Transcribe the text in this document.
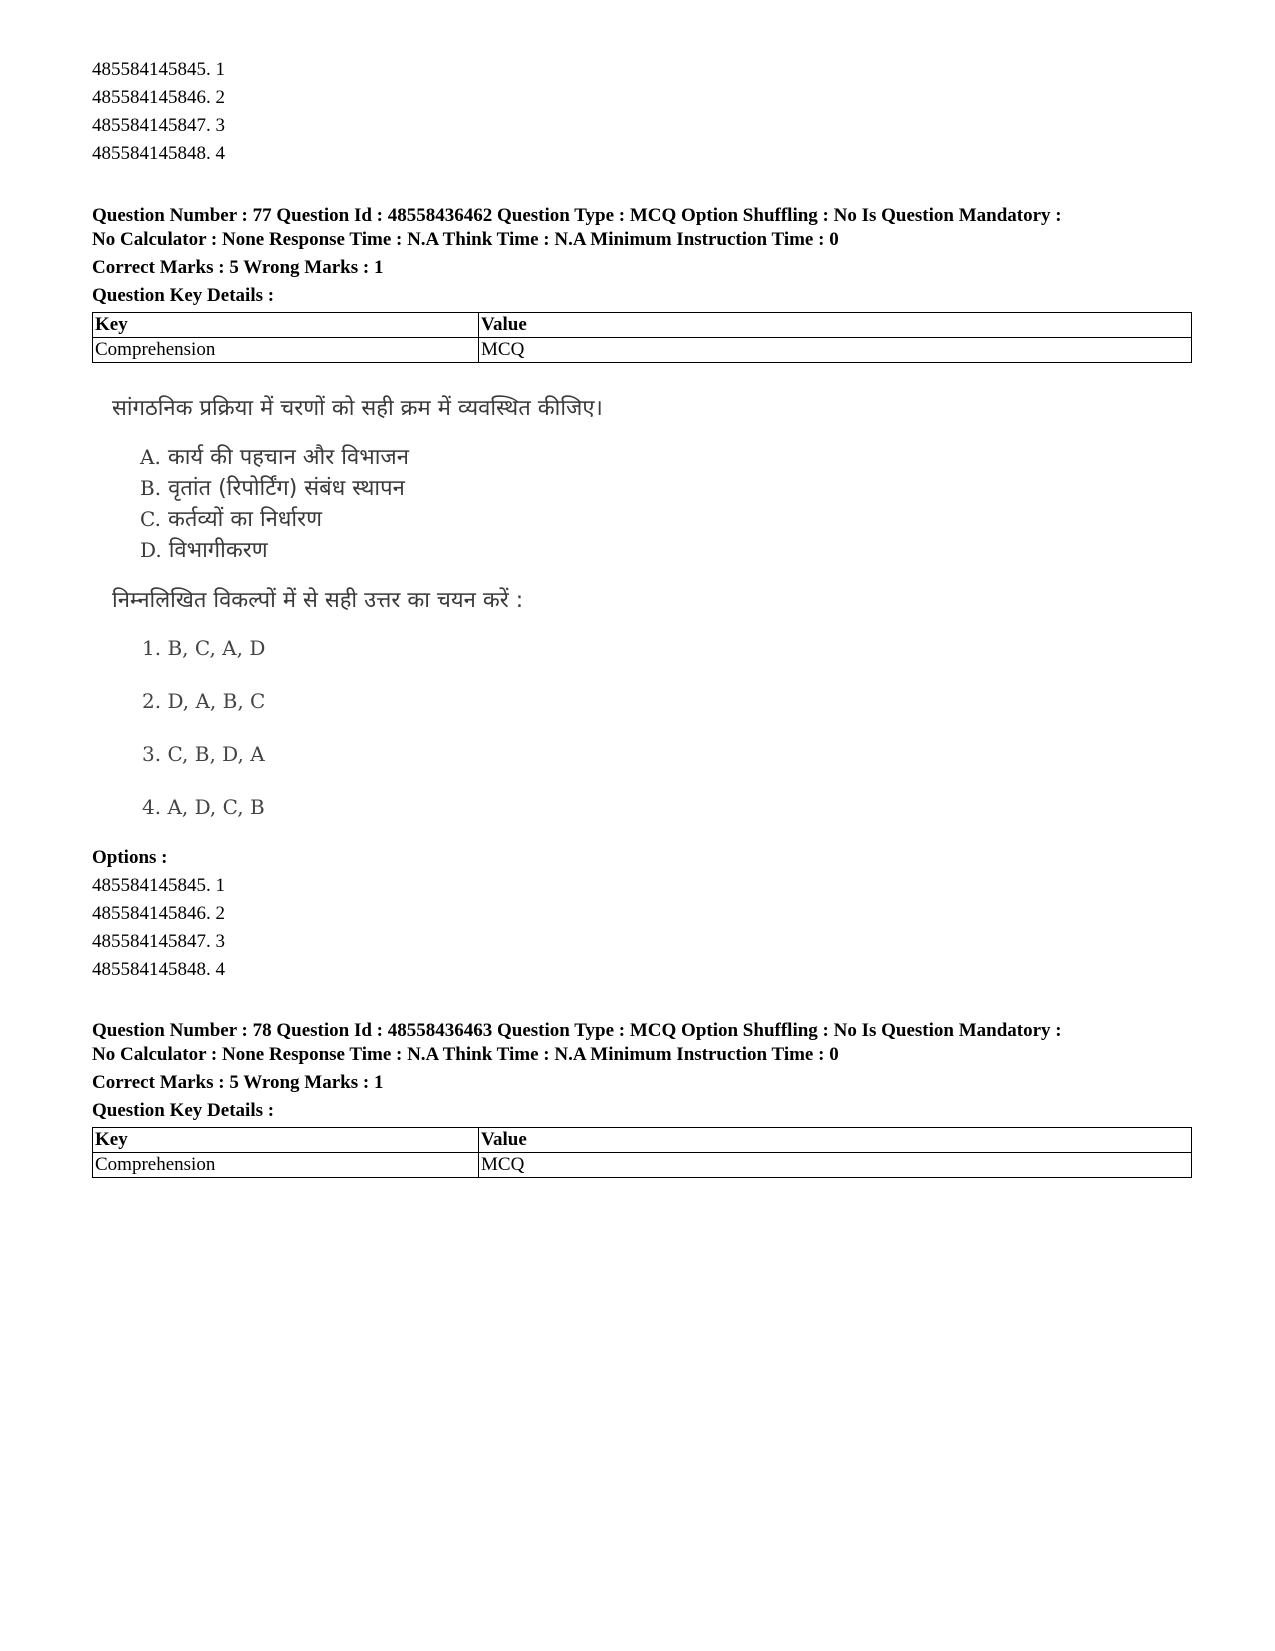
485584145845. 1
485584145846. 2
485584145847. 3
485584145848. 4
Question Number : 77 Question Id : 48558436462 Question Type : MCQ Option Shuffling : No Is Question Mandatory :
No Calculator : None Response Time : N.A Think Time : N.A Minimum Instruction Time : 0
Correct Marks : 5 Wrong Marks : 1
Question Key Details :
Key	Value
Comprehension	MCQ
सांगठनिक प्रक्रिया में चरणों को सही क्रम में व्यवस्थित कीजिए।
A. कार्य की पहचान और विभाजन
B. वृतांत (रिपोर्टिंग) संबंध स्थापन
C. कर्तव्यों का निर्धारण
D. विभागीकरण
निम्नलिखित विकल्पों में से सही उत्तर का चयन करें :
1. B, C, A, D
2. D, A, B, C
3. C, B, D, A
4. A, D, C, B
Options :
485584145845. 1
485584145846. 2
485584145847. 3
485584145848. 4
Question Number : 78 Question Id : 48558436463 Question Type : MCQ Option Shuffling : No Is Question Mandatory :
No Calculator : None Response Time : N.A Think Time : N.A Minimum Instruction Time : 0
Correct Marks : 5 Wrong Marks : 1
Question Key Details :
Key	Value
Comprehension	MCQ
